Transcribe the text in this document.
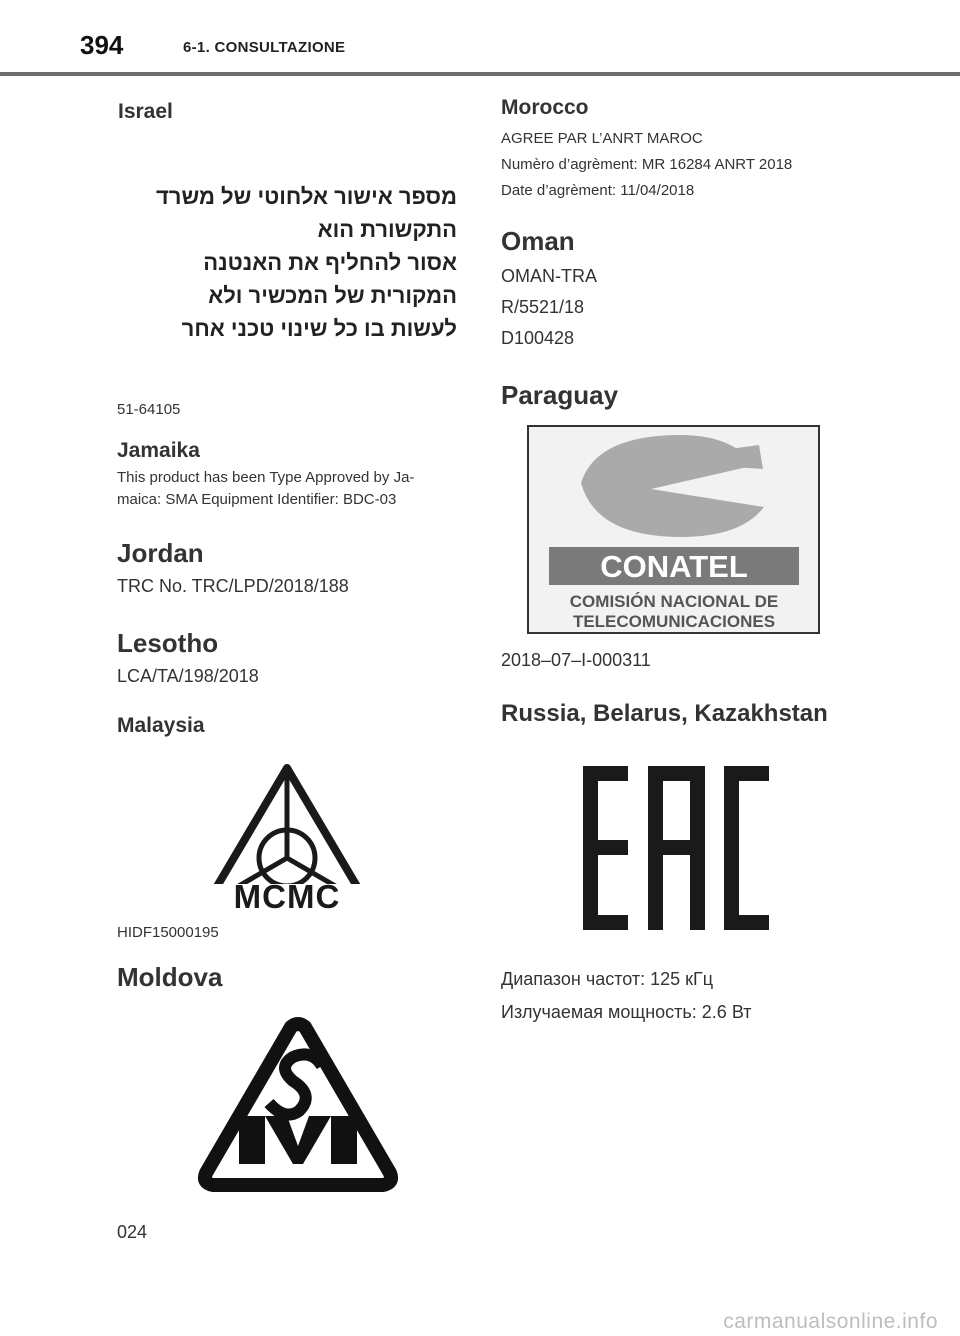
394	6-1. CONSULTAZIONE
Israel
מספר אישור אלחוטי של משרד התקשורת הוא
אסור להחליף את האנטנה המקורית של המכשיר ולא
לעשות בו כל שינוי טכני אחר
51-64105
Jamaika
This product has been Type Approved by Ja-
maica: SMA Equipment Identifier: BDC-03
Jordan
TRC No. TRC/LPD/2018/188
Lesotho
LCA/TA/198/2018
Malaysia
MCMC
HIDF15000195
Moldova
024
Morocco
AGREE PAR L’ANRT MAROC
Numèro d’agrèment: MR 16284 ANRT 2018
Date d’agrèment: 11/04/2018
Oman
OMAN-TRA
R/5521/18
D100428
Paraguay
CONATEL
COMISIÓN NACIONAL DE
TELECOMUNICACIONES
2018–07–I-000311
Russia, Belarus, Kazakhstan
Диапазон частот: 125 кГц
Излучаемая мощность: 2.6 Вт
carmanualsonline.info
